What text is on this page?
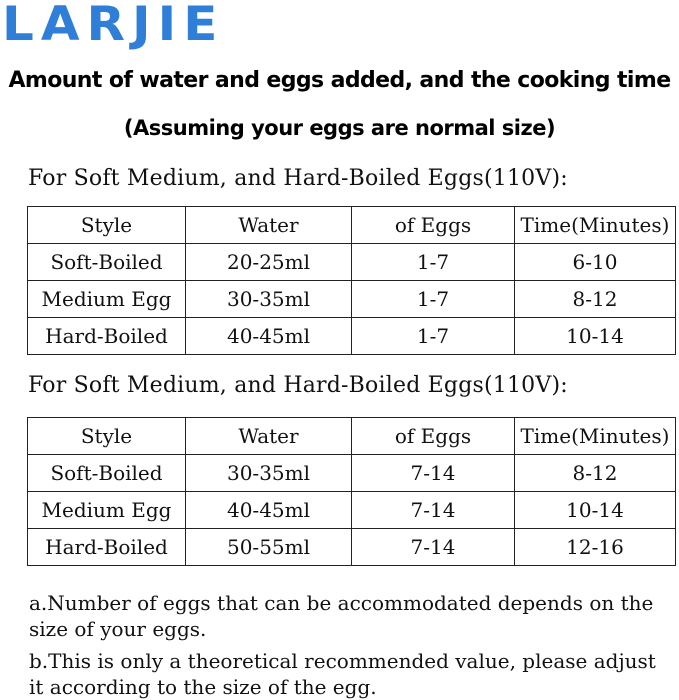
LARJIE
Amount of water and eggs added, and the cooking time
(Assuming your eggs are normal size)
For Soft Medium, and Hard-Boiled Eggs(110V):
Style	Water	of Eggs	Time(Minutes)
Soft-Boiled	20-25ml	1-7	6-10
Medium Egg	30-35ml	1-7	8-12
Hard-Boiled	40-45ml	1-7	10-14
For Soft Medium, and Hard-Boiled Eggs(110V):
Style	Water	of Eggs	Time(Minutes)
Soft-Boiled	30-35ml	7-14	8-12
Medium Egg	40-45ml	7-14	10-14
Hard-Boiled	50-55ml	7-14	12-16
a.Number of eggs that can be accommodated depends on the size of your eggs.
b.This is only a theoretical recommended value, please adjust it according to the size of the egg.
